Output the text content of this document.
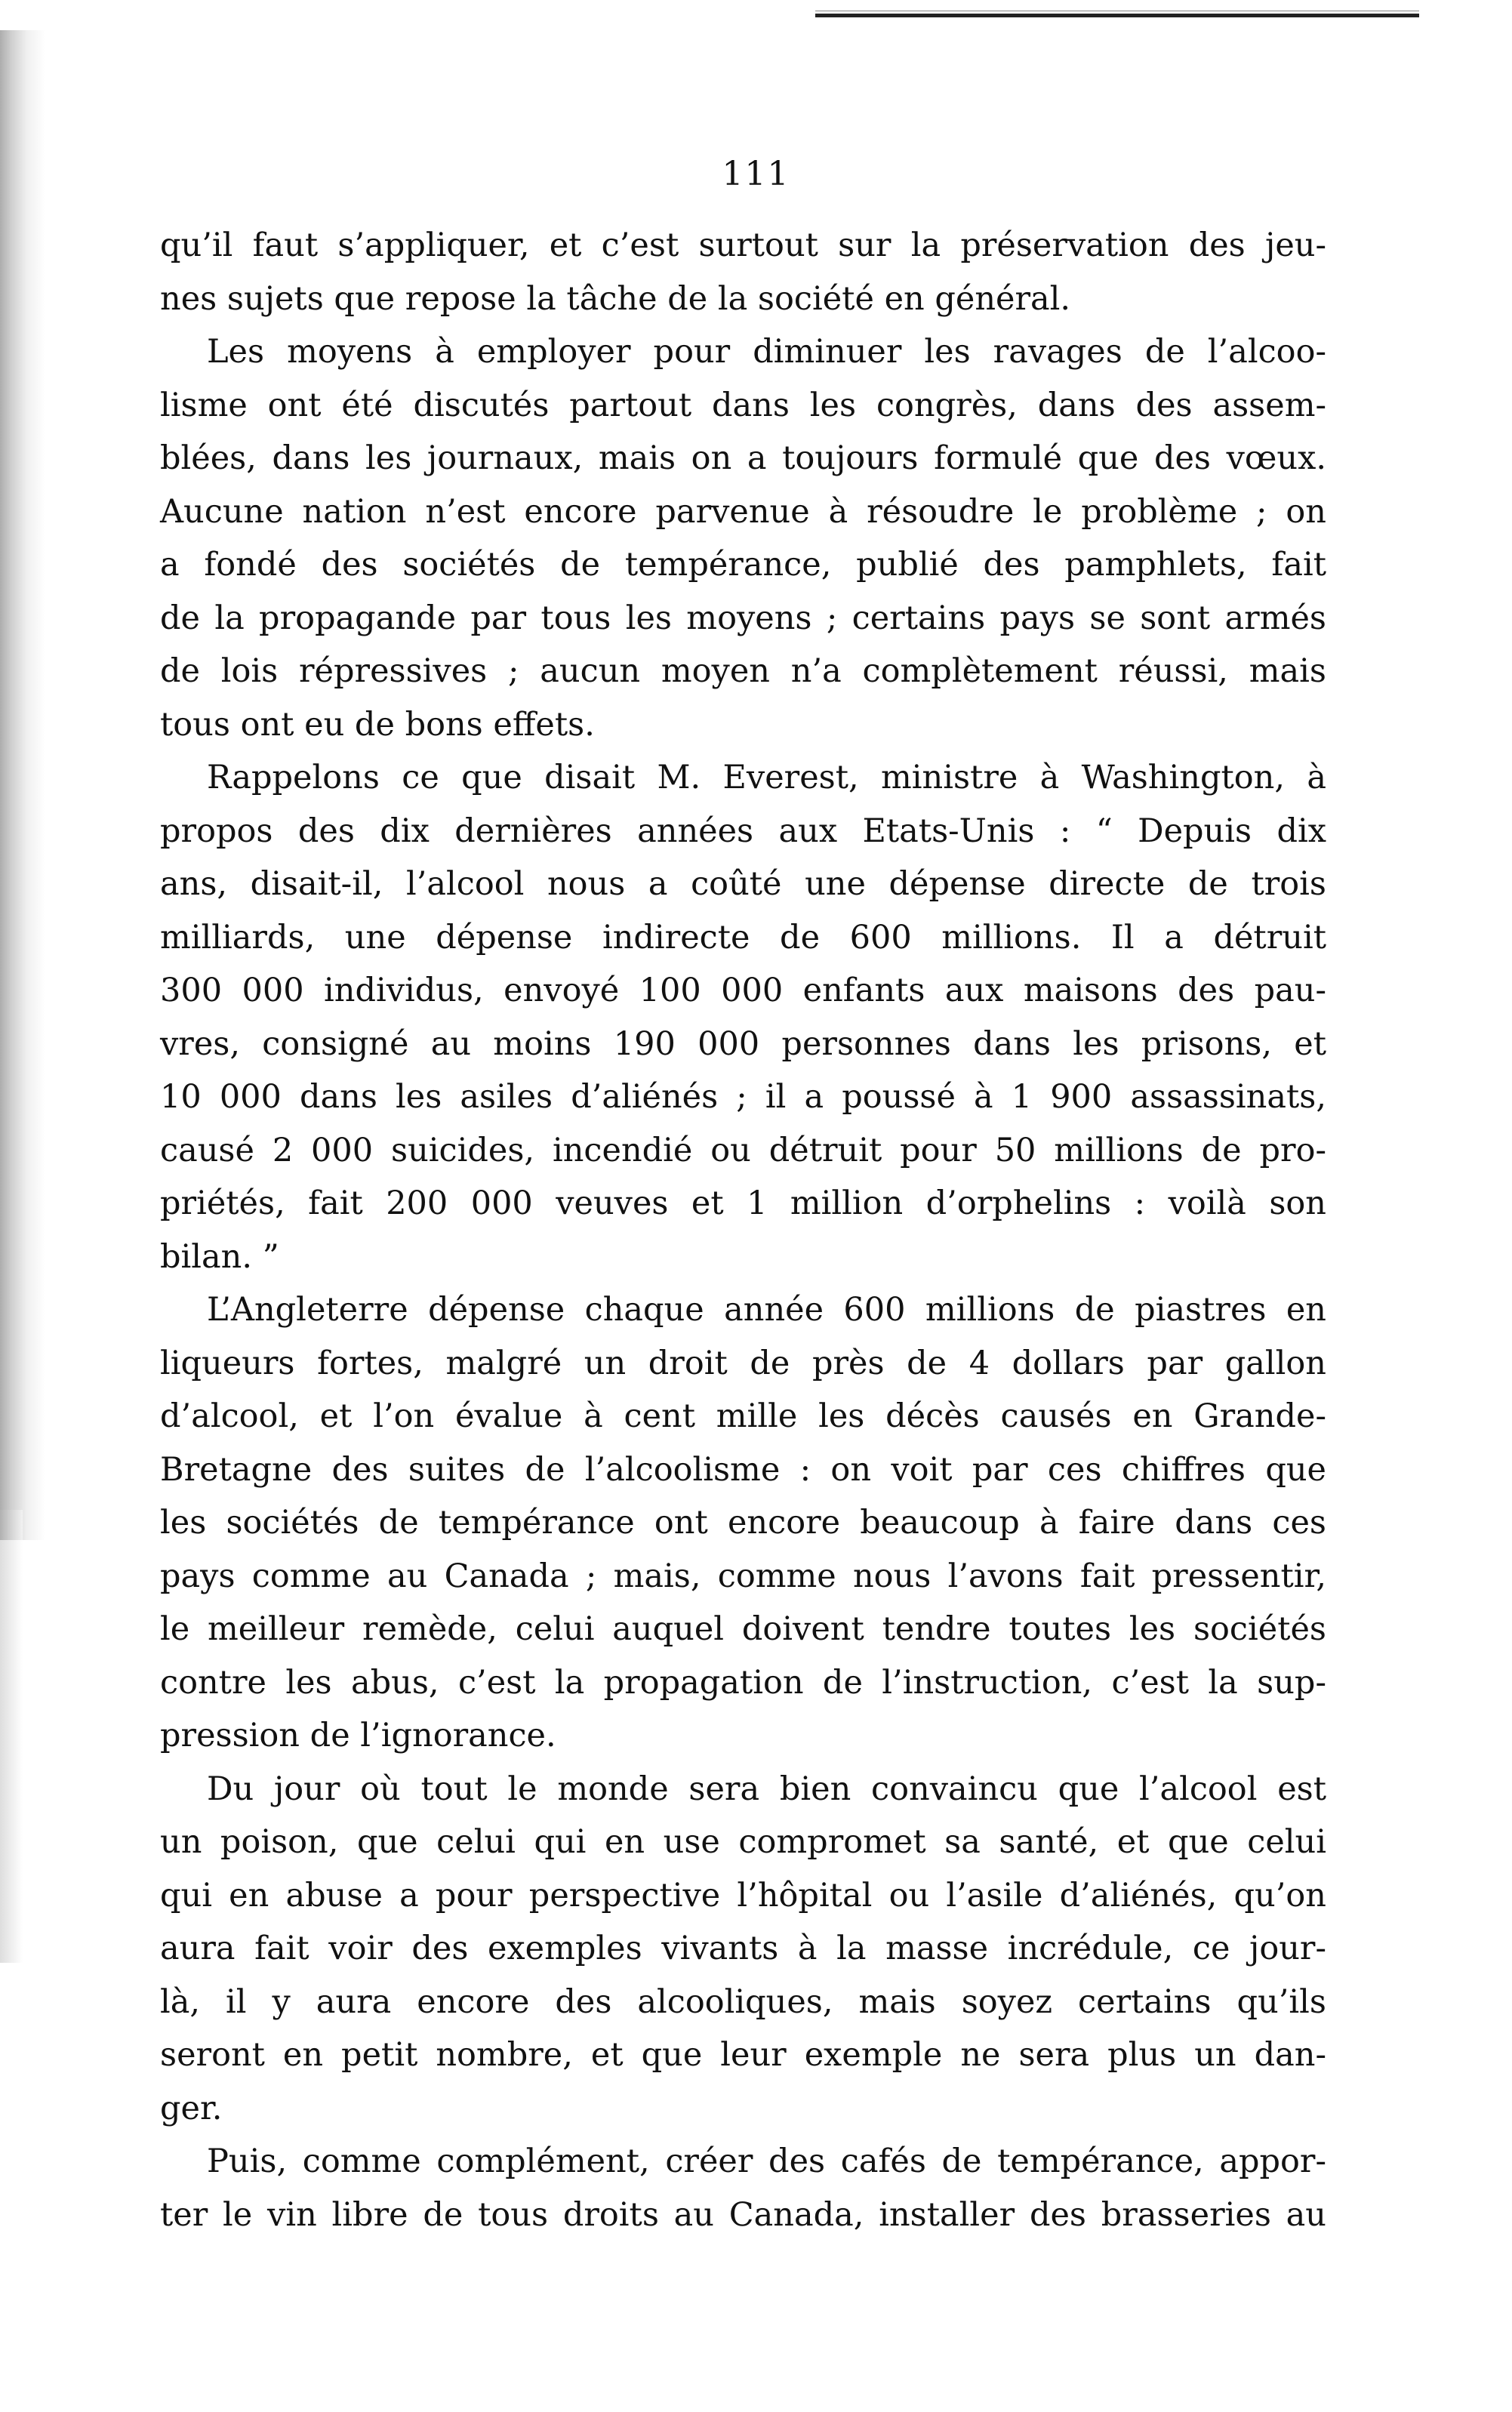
111
qu’il faut s’appliquer, et c’est surtout sur la préservation des jeu-
nes sujets que repose la tâche de la société en général.
Les moyens à employer pour diminuer les ravages de l’alcoo-
lisme ont été discutés partout dans les congrès, dans des assem-
blées, dans les journaux, mais on a toujours formulé que des vœux.
Aucune nation n’est encore parvenue à résoudre le problème ; on
a fondé des sociétés de tempérance, publié des pamphlets, fait
de la propagande par tous les moyens ; certains pays se sont armés
de lois répressives ; aucun moyen n’a complètement réussi, mais
tous ont eu de bons effets.
Rappelons ce que disait M. Everest, ministre à Washington, à
propos des dix dernières années aux Etats-Unis : “ Depuis dix
ans, disait-il, l’alcool nous a coûté une dépense directe de trois
milliards, une dépense indirecte de 600 millions. Il a détruit
300 000 individus, envoyé 100 000 enfants aux maisons des pau-
vres, consigné au moins 190 000 personnes dans les prisons, et
10 000 dans les asiles d’aliénés ; il a poussé à 1 900 assassinats,
causé 2 000 suicides, incendié ou détruit pour 50 millions de pro-
priétés, fait 200 000 veuves et 1 million d’orphelins : voilà son
bilan. ”
L’Angleterre dépense chaque année 600 millions de piastres en
liqueurs fortes, malgré un droit de près de 4 dollars par gallon
d’alcool, et l’on évalue à cent mille les décès causés en Grande-
Bretagne des suites de l’alcoolisme : on voit par ces chiffres que
les sociétés de tempérance ont encore beaucoup à faire dans ces
pays comme au Canada ; mais, comme nous l’avons fait pressentir,
le meilleur remède, celui auquel doivent tendre toutes les sociétés
contre les abus, c’est la propagation de l’instruction, c’est la sup-
pression de l’ignorance.
Du jour où tout le monde sera bien convaincu que l’alcool est
un poison, que celui qui en use compromet sa santé, et que celui
qui en abuse a pour perspective l’hôpital ou l’asile d’aliénés, qu’on
aura fait voir des exemples vivants à la masse incrédule, ce jour-
là, il y aura encore des alcooliques, mais soyez certains qu’ils
seront en petit nombre, et que leur exemple ne sera plus un dan-
ger.
Puis, comme complément, créer des cafés de tempérance, appor-
ter le vin libre de tous droits au Canada, installer des brasseries au
